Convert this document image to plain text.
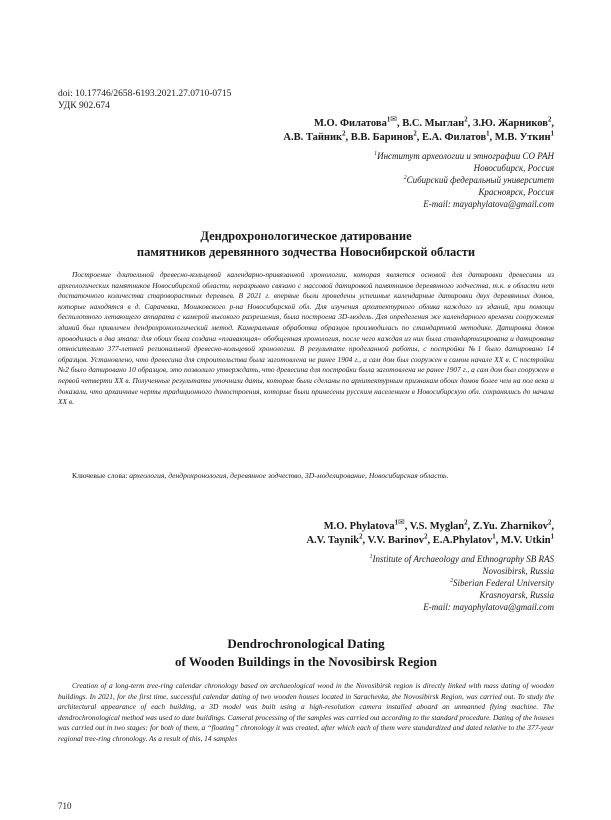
doi: 10.17746/2658-6193.2021.27.0710-0715
УДК 902.674
М.О. Филатова$^{1✉}$, В.С. Мыглан$^2$, З.Ю. Жарников$^2$,
А.В. Тайник$^2$, В.В. Баринов$^2$, Е.А. Филатов$^1$, М.В. Уткин$^1$
$^1$Институт археологии и этнографии СО РАН
Новосибирск, Россия
$^2$Сибирский федеральный университет
Красноярск, Россия
E-mail: mayaphylatova@gmail.com
Дендрохронологическое датирование
памятников деревянного зодчества Новосибирской области
Построение длительной древесно-кольцевой календарно-привязанной хронологии, которая является основой для датировки древесины из археологических памятников Новосибирской области, неразрывно связано с массовой датировкой памятников деревянного зодчества, т.к. в области нет достаточного количества староворастных деревьев. В 2021 г. впервые были проведены успешные календарные датировки двух деревянных домов, которые находятся в д. Сарачевка, Мошковского р-на Новосибирской обл. Для изучения архитектурного облика каждого из зданий, при помощи беспилотного летающего аппарата с камерой высокого разрешения, была построена 3D-модель. Для определения же календарного времени сооружения зданий был привлечен дендрохронологический метод. Камеральная обработка образцов производилась по стандартной методике. Датировка домов проводилась в два этапа: для обоих была создана «плавающая» обобщенная хронология, после чего каждая из них была стандартизирована и датирована относительно 377-летней региональной древесно-кольцевой хронологии. В результате проделанной работы, с постройки №1 было датировано 14 образцов. Установлено, что древесина для строительства была заготовлена не ранее 1904 г., а сам дом был сооружен в самом начале XX в. С постройки №2 было датировано 10 образцов, это позволило утверждать, что древесина для постройки была заготовлена не ранее 1907 г., а сам дом был сооружен в первой четверти XX в. Полученные результаты уточнили даты, которые были сделаны по архитектурным признакам обоих домов более чем на пол века и доказали, что архаичные черты традиционного домостроения, которые были принесены русским населением в Новосибирскую обл. сохранялись до начала XX в.
Ключевые слова: археология, дендрохронология, деревянное зодчество, 3D-моделирование, Новосибирская область.
M.O. Phylatova$^{1✉}$, V.S. Myglan$^2$, Z.Yu. Zharnikov$^2$,
A.V. Taynik$^2$, V.V. Barinov$^2$, E.A.Phylatov$^1$, M.V. Utkin$^1$
$^1$Institute of Archaeology and Ethnography SB RAS
Novosibirsk, Russia
$^2$Siberian Federal University
Krasnoyarsk, Russia
E-mail: mayaphylatova@gmail.com
Dendrochronological Dating
of Wooden Buildings in the Novosibirsk Region
Creation of a long-term tree-ring calendar chronology based on archaeological wood in the Novosibirsk region is directly linked with mass dating of wooden buildings. In 2021, for the first time, successful calendar dating of two wooden houses located in Sarachevka, the Novosibirsk Region, was carried out. To study the architectural appearance of each building, a 3D model was built using a high-resolution camera installed aboard an unmanned flying machine. The dendrochronological method was used to date buildings. Cameral processing of the samples was carried out according to the standard procedure. Dating of the houses was carried out in two stages: for both of them, a “floating” chronology it was created, after which each of them were standardized and dated relative to the 377-year regional tree-ring chronology. As a result of this, 14 samples
710
